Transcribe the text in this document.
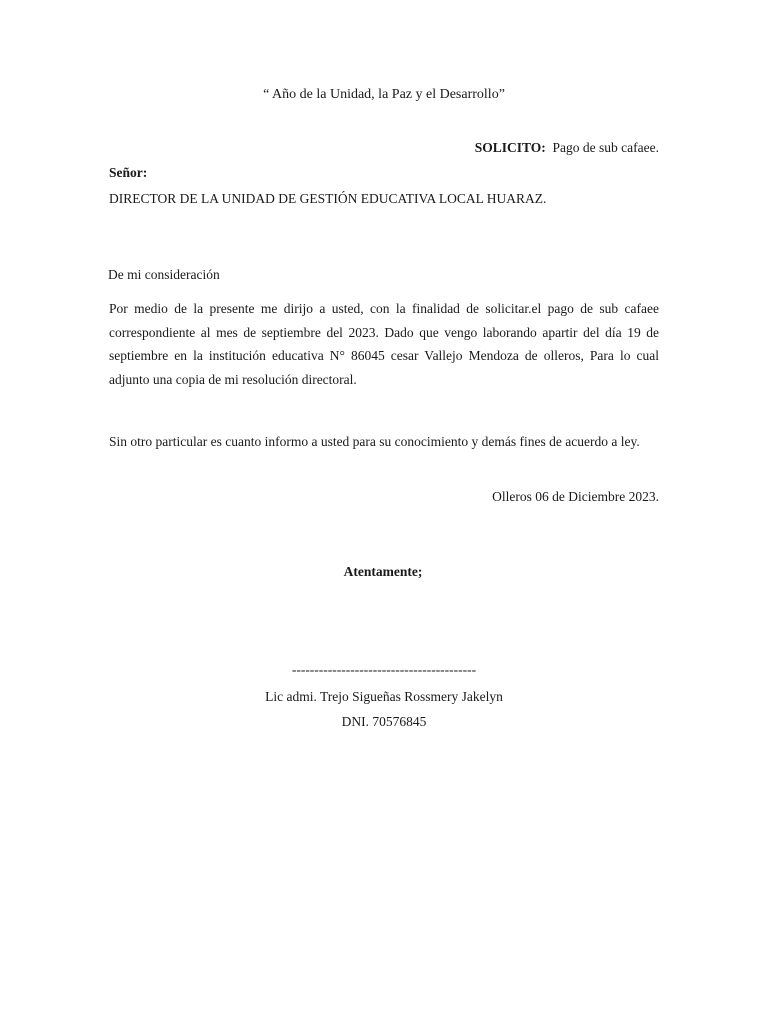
“ Año de la Unidad, la Paz y el Desarrollo”
SOLICITO: Pago de sub cafaee.
Señor:
DIRECTOR DE LA UNIDAD DE GESTIÓN EDUCATIVA LOCAL HUARAZ.
De mi consideración
Por medio de la presente me dirijo a usted, con la finalidad de solicitar.el pago de sub cafaee correspondiente al mes de septiembre del 2023. Dado que vengo laborando apartir del día 19 de septiembre en la institución educativa N° 86045 cesar Vallejo Mendoza de olleros, Para lo cual adjunto una copia de mi resolución directoral.
Sin otro particular es cuanto informo a usted para su conocimiento y demás fines de acuerdo a ley.
Olleros 06 de Diciembre 2023.
Atentamente;
-----------------------------------------
Lic admi. Trejo Sigueñas Rossmery Jakelyn
DNI. 70576845
